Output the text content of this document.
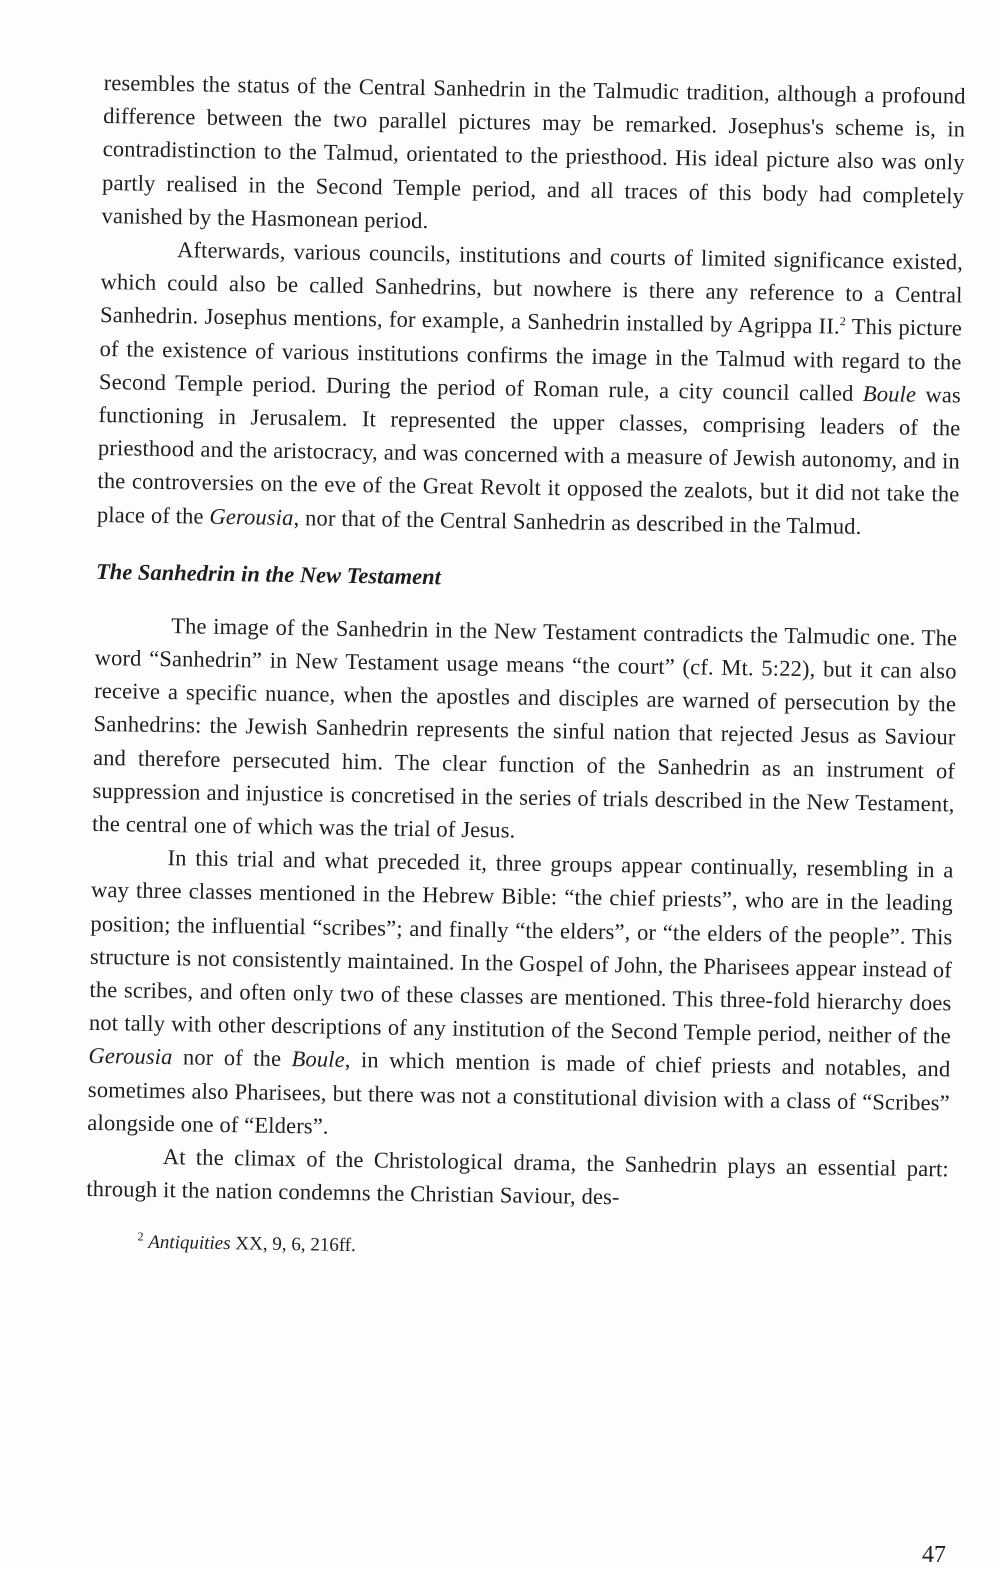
resembles the status of the Central Sanhedrin in the Talmudic tradition, although a profound difference between the two parallel pictures may be remarked. Josephus's scheme is, in contradistinction to the Talmud, orientated to the priesthood. His ideal picture also was only partly realised in the Second Temple period, and all traces of this body had completely vanished by the Hasmonean period.

Afterwards, various councils, institutions and courts of limited significance existed, which could also be called Sanhedrins, but nowhere is there any reference to a Central Sanhedrin. Josephus mentions, for example, a Sanhedrin installed by Agrippa II.$^2$ This picture of the existence of various institutions confirms the image in the Talmud with regard to the Second Temple period. During the period of Roman rule, a city council called Boule was functioning in Jerusalem. It represented the upper classes, comprising leaders of the priesthood and the aristocracy, and was concerned with a measure of Jewish autonomy, and in the controversies on the eve of the Great Revolt it opposed the zealots, but it did not take the place of the Gerousia, nor that of the Central Sanhedrin as described in the Talmud.

The Sanhedrin in the New Testament

The image of the Sanhedrin in the New Testament contradicts the Talmudic one. The word “Sanhedrin” in New Testament usage means “the court” (cf. Mt. 5:22), but it can also receive a specific nuance, when the apostles and disciples are warned of persecution by the Sanhedrins: the Jewish Sanhedrin represents the sinful nation that rejected Jesus as Saviour and therefore persecuted him. The clear function of the Sanhedrin as an instrument of suppression and injustice is concretised in the series of trials described in the New Testament, the central one of which was the trial of Jesus.

In this trial and what preceded it, three groups appear continually, resembling in a way three classes mentioned in the Hebrew Bible: “the chief priests”, who are in the leading position; the influential “scribes”; and finally “the elders”, or “the elders of the people”. This structure is not consistently maintained. In the Gospel of John, the Pharisees appear instead of the scribes, and often only two of these classes are mentioned. This three-fold hierarchy does not tally with other descriptions of any institution of the Second Temple period, neither of the Gerousia nor of the Boule, in which mention is made of chief priests and notables, and sometimes also Pharisees, but there was not a constitutional division with a class of “Scribes” alongside one of “Elders”.

At the climax of the Christological drama, the Sanhedrin plays an essential part: through it the nation condemns the Christian Saviour, des-

$^2$ Antiquities XX, 9, 6, 216ff.
47
